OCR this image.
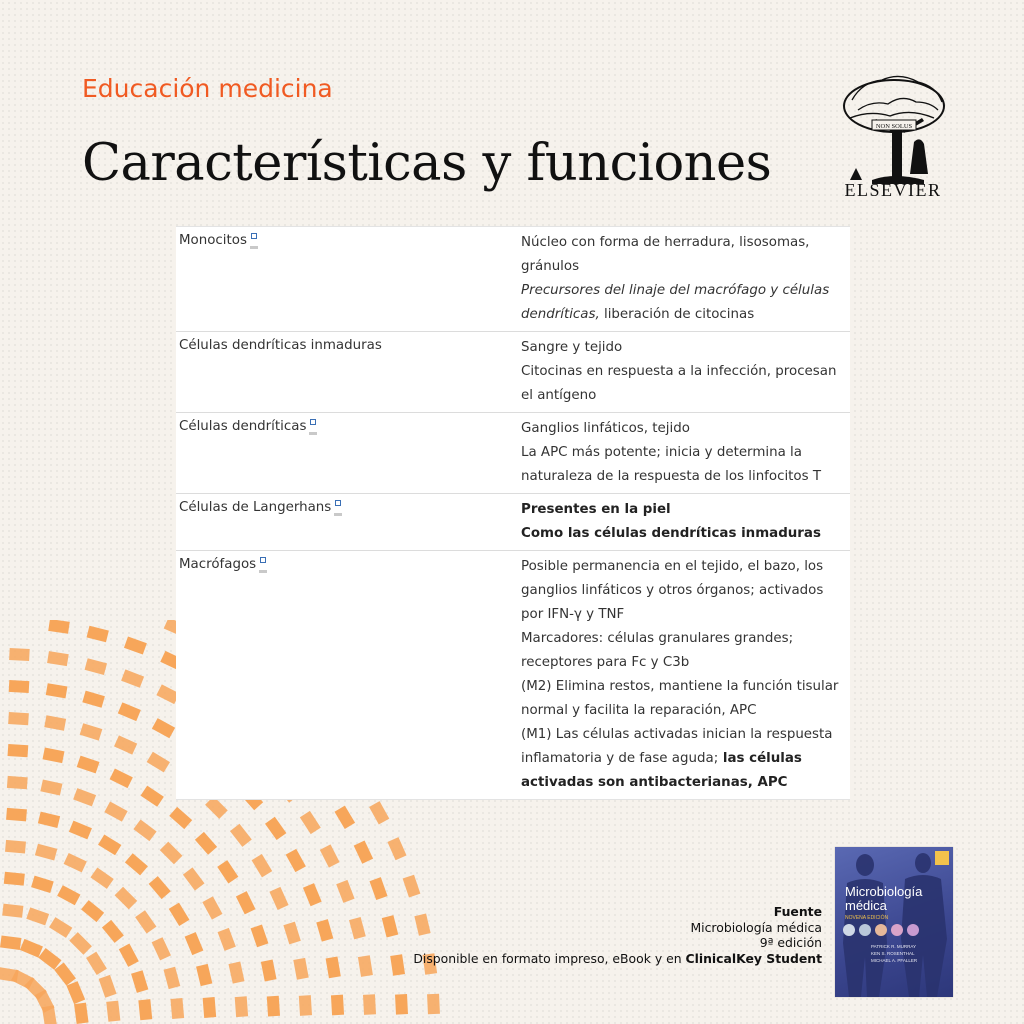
Educación medicina
Características y funciones
NON SOLUS
ELSEVIER
Monocitos	Núcleo con forma de herradura, lisosomas,
gránulos
Precursores del linaje del macrófago y células
dendríticas, liberación de citocinas
Células dendríticas inmaduras	Sangre y tejido
Citocinas en respuesta a la infección, procesan
el antígeno
Células dendríticas	Ganglios linfáticos, tejido
La APC más potente; inicia y determina la
naturaleza de la respuesta de los linfocitos T
Células de Langerhans	Presentes en la piel
Como las células dendríticas inmaduras
Macrófagos	Posible permanencia en el tejido, el bazo, los
ganglios linfáticos y otros órganos; activados
por IFN-γ y TNF
Marcadores: células granulares grandes;
receptores para Fc y C3b
(M2) Elimina restos, mantiene la función tisular
normal y facilita la reparación, APC
(M1) Las células activadas inician la respuesta
inflamatoria y de fase aguda; las células
activadas son antibacterianas, APC
Fuente
Microbiología médica
9ª edición
Disponible en formato impreso, eBook y en ClinicalKey Student
Microbiología
médica
NOVENA EDICIÓN
PATRICK R. MURRAY
KEN S. ROSENTHAL
MICHAEL A. PFALLER
